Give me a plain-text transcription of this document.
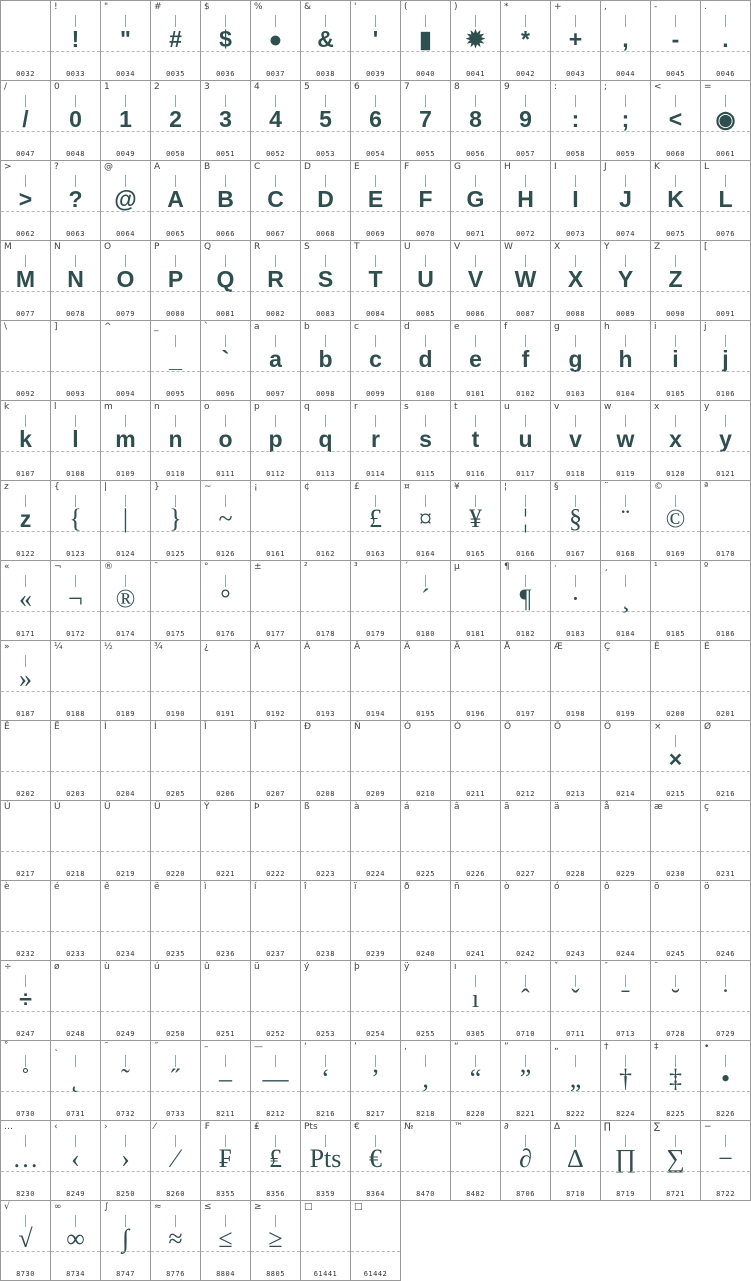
0032
!
!
0033
"
"
0034
#
#
0035
$
$
0036
%
●
0037
&
&
0038
'
'
0039
(
▮
0040
)
✹
0041
*
*
0042
+
+
0043
,
,
0044
-
-
0045
.
.
0046
/
/
0047
0
0
0048
1
1
0049
2
2
0050
3
3
0051
4
4
0052
5
5
0053
6
6
0054
7
7
0055
8
8
0056
9
9
0057
:
:
0058
;
;
0059
<
<
0060
=
◉
0061
>
>
0062
?
?
0063
@
@
0064
A
A
0065
B
B
0066
C
C
0067
D
D
0068
E
E
0069
F
F
0070
G
G
0071
H
H
0072
I
I
0073
J
J
0074
K
K
0075
L
L
0076
M
M
0077
N
N
0078
O
O
0079
P
P
0080
Q
Q
0081
R
R
0082
S
S
0083
T
T
0084
U
U
0085
V
V
0086
W
W
0087
X
X
0088
Y
Y
0089
Z
Z
0090
[
0091
\
0092
]
0093
^
0094
_
_
0095
`
`
0096
a
a
0097
b
b
0098
c
c
0099
d
d
0100
e
e
0101
f
f
0102
g
g
0103
h
h
0104
i
i
0105
j
j
0106
k
k
0107
l
l
0108
m
m
0109
n
n
0110
o
o
0111
p
p
0112
q
q
0113
r
r
0114
s
s
0115
t
t
0116
u
u
0117
v
v
0118
w
w
0119
x
x
0120
y
y
0121
z
z
0122
{
{
0123
|
|
0124
}
}
0125
~
~
0126
¡
0161
¢
0162
£
£
0163
¤
¤
0164
¥
¥
0165
¦
¦
0166
§
§
0167
¨
¨
0168
©
©
0169
ª
0170
«
«
0171
¬
¬
0172
®
®
0174
¯
0175
°
°
0176
±
0177
²
0178
³
0179
´
´
0180
µ
0181
¶
¶
0182
·
·
0183
¸
¸
0184
¹
0185
º
0186
»
»
0187
¼
0188
½
0189
¾
0190
¿
0191
À
0192
Á
0193
Â
0194
Ã
0195
Ä
0196
Å
0197
Æ
0198
Ç
0199
È
0200
É
0201
Ê
0202
Ë
0203
Ì
0204
Í
0205
Î
0206
Ï
0207
Ð
0208
Ñ
0209
Ò
0210
Ó
0211
Ô
0212
Õ
0213
Ö
0214
×
×
0215
Ø
0216
Ù
0217
Ú
0218
Û
0219
Ü
0220
Ý
0221
Þ
0222
ß
0223
à
0224
á
0225
â
0226
ã
0227
ä
0228
å
0229
æ
0230
ç
0231
è
0232
é
0233
ê
0234
ë
0235
ì
0236
í
0237
î
0238
ï
0239
ð
0240
ñ
0241
ò
0242
ó
0243
ô
0244
õ
0245
ö
0246
÷
÷
0247
ø
0248
ù
0249
ú
0250
û
0251
ü
0252
ý
0253
þ
0254
ÿ
0255
ı
ı
0305
ˆ
ˆ
0710
ˇ
ˇ
0711
ˉ
ˉ
0713
˘
˘
0728
˙
˙
0729
˚
˚
0730
˛
˛
0731
˜
˜
0732
˝
˝
0733
–
–
8211
—
—
8212
‘
‘
8216
’
’
8217
‚
‚
8218
“
“
8220
”
”
8221
„
„
8222
†
†
8224
‡
‡
8225
•
•
8226
…
…
8230
‹
‹
8249
›
›
8250
⁄
⁄
8260
₣
₣
8355
₤
₤
8356
Pts
Pts
8359
€
€
8364
№
8470
™
8482
∂
∂
8706
∆
∆
8710
∏
∏
8719
∑
∑
8721
−
−
8722
√
√
8730
∞
∞
8734
∫
∫
8747
≈
≈
8776
≤
≤
8804
≥
≥
8805
□
61441
□
61442
